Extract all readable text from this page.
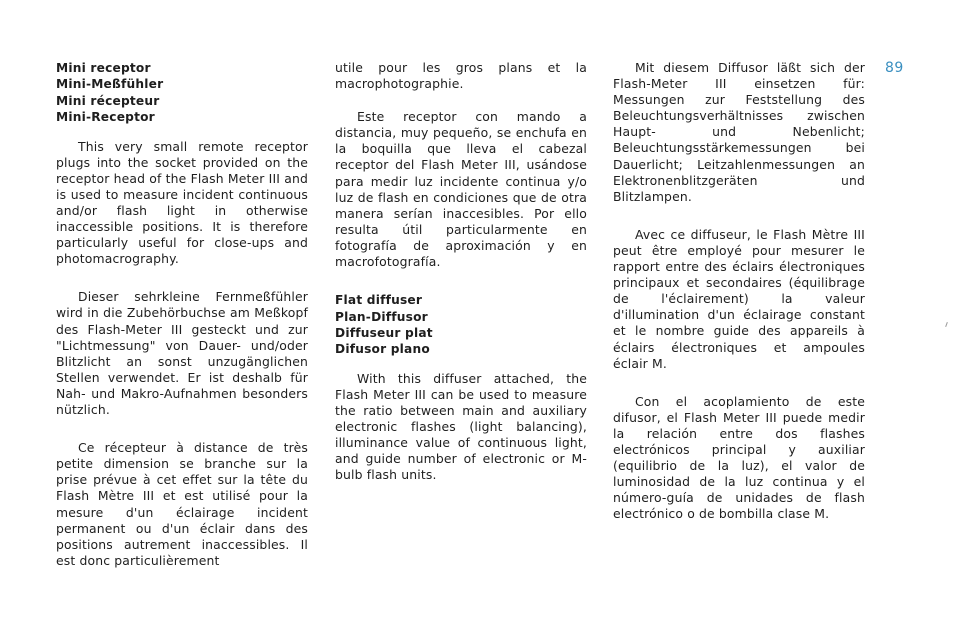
Mini receptor
Mini-Meßfühler
Mini récepteur
Mini-Receptor

This very small remote receptor plugs into the socket provided on the receptor head of the Flash Meter III and is used to measure incident continuous and/or flash light in otherwise inaccessible positions. It is therefore particularly useful for close-ups and photomacrography.

Dieser sehrkleine Fernmeßfühler wird in die Zubehörbuchse am Meßkopf des Flash-Meter III gesteckt und zur "Lichtmessung" von Dauer- und/oder Blitzlicht an sonst unzugänglichen Stellen verwendet. Er ist deshalb für Nah- und Makro-Aufnahmen besonders nützlich.

Ce récepteur à distance de très petite dimension se branche sur la prise prévue à cet effet sur la tête du Flash Mètre III et est utilisé pour la mesure d'un éclairage incident permanent ou d'un éclair dans des positions autrement inaccessibles. Il est donc particulièrement

utile pour les gros plans et la macrophotographie.

Este receptor con mando a distancia, muy pequeño, se enchufa en la boquilla que lleva el cabezal receptor del Flash Meter III, usándose para medir luz incidente continua y/o luz de flash en condiciones que de otra manera serían inaccesibles. Por ello resulta útil particularmente en fotografía de aproximación y en macrofotografía.

Flat diffuser
Plan-Diffusor
Diffuseur plat
Difusor plano

With this diffuser attached, the Flash Meter III can be used to measure the ratio between main and auxiliary electronic flashes (light balancing), illuminance value of continuous light, and guide number of electronic or M-bulb flash units.

Mit diesem Diffusor läßt sich der Flash-Meter III einsetzen für: Messungen zur Feststellung des Beleuchtungsverhältnisses zwischen Haupt- und Nebenlicht; Beleuchtungsstärkemessungen bei Dauerlicht; Leitzahlenmessungen an Elektronenblitzgeräten und Blitzlampen.

Avec ce diffuseur, le Flash Mètre III peut être employé pour mesurer le rapport entre des éclairs électroniques principaux et secondaires (équilibrage de l'éclairement) la valeur d'illumination d'un éclairage constant et le nombre guide des appareils à éclairs électroniques et ampoules éclair M.

Con el acoplamiento de este difusor, el Flash Meter III puede medir la relación entre dos flashes electrónicos principal y auxiliar (equilibrio de la luz), el valor de luminosidad de la luz continua y el número-guía de unidades de flash electrónico o de bombilla clase M.

89
